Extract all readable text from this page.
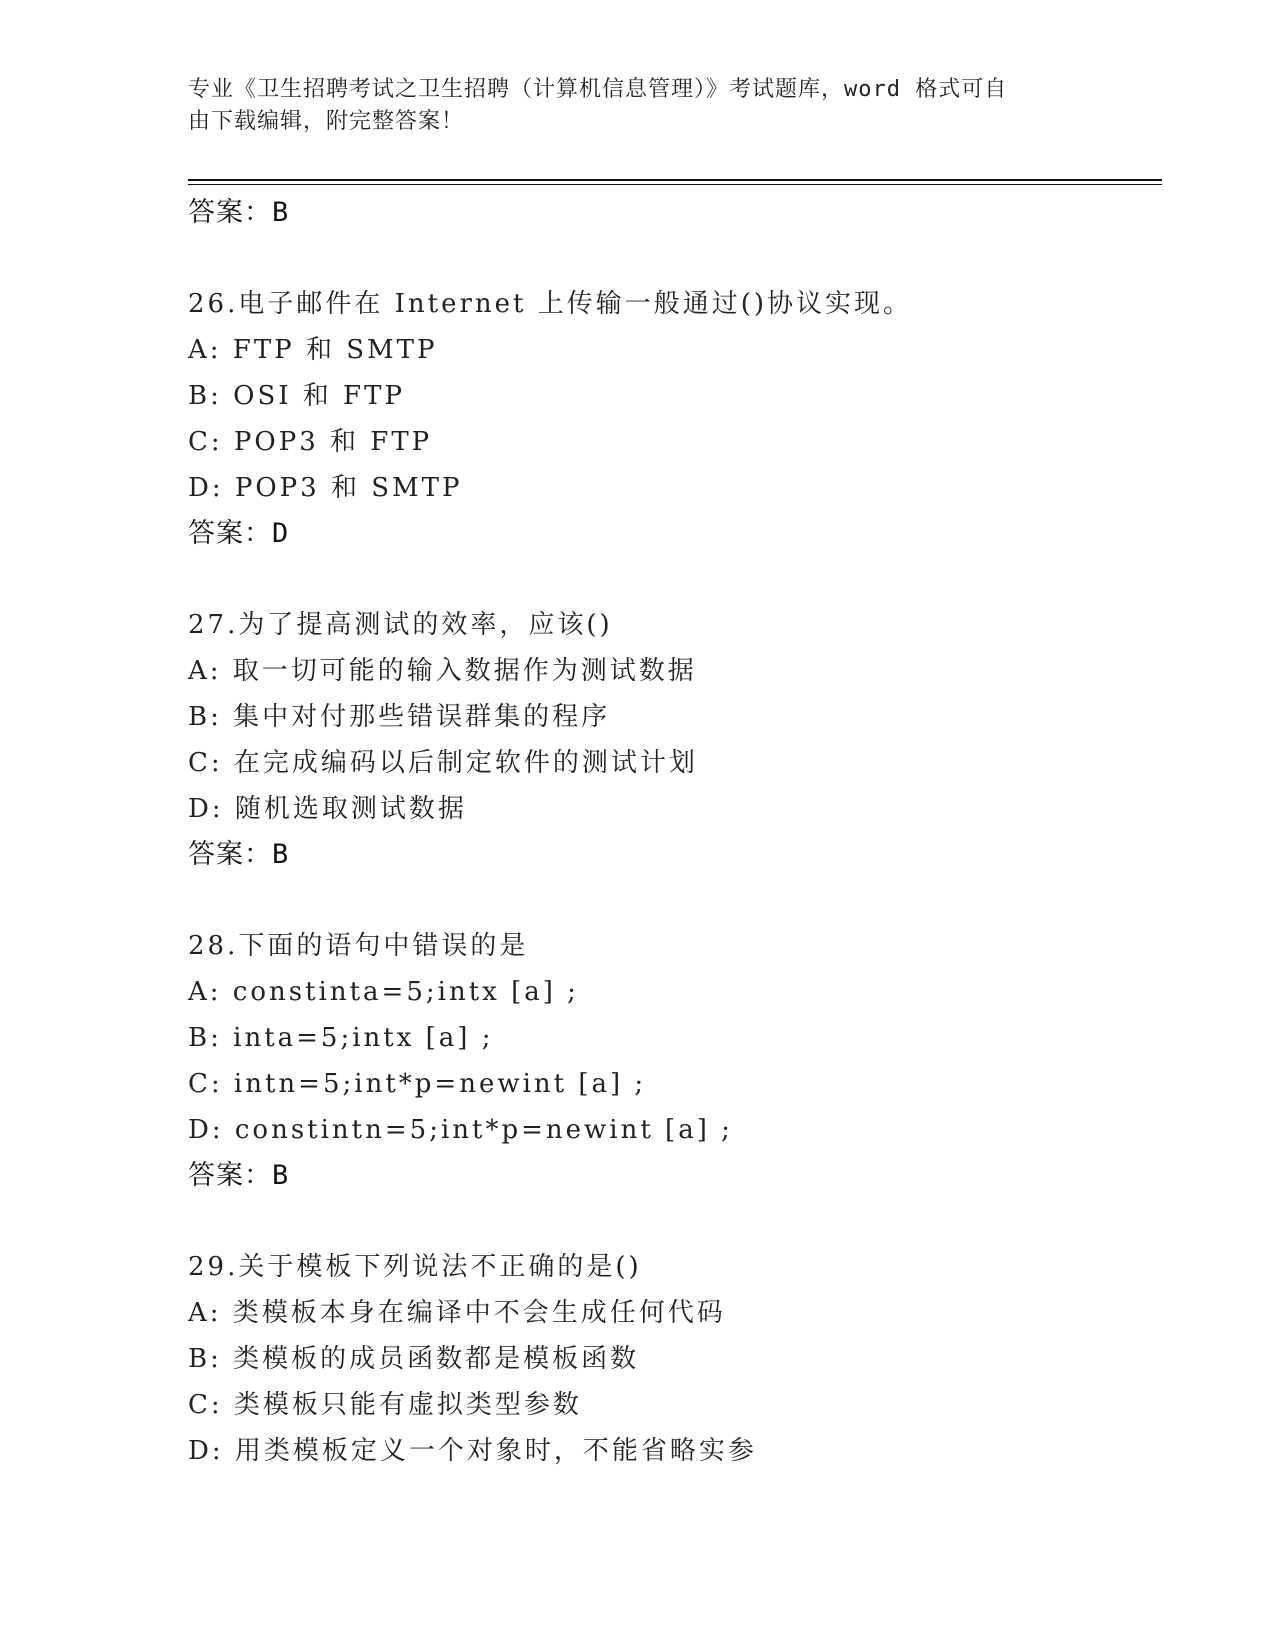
专业《卫生招聘考试之卫生招聘（计算机信息管理）》考试题库，word 格式可自
由下载编辑，附完整答案！
答案：B
26.电子邮件在 Internet 上传输一般通过()协议实现。
A: FTP 和 SMTP
B: OSI 和 FTP
C: POP3 和 FTP
D: POP3 和 SMTP
答案：D
27.为了提高测试的效率，应该()
A: 取一切可能的输入数据作为测试数据
B: 集中对付那些错误群集的程序
C: 在完成编码以后制定软件的测试计划
D: 随机选取测试数据
答案：B
28.下面的语句中错误的是
A: constinta=5;intx [a] ;
B: inta=5;intx [a] ;
C: intn=5;int*p=newint [a] ;
D: constintn=5;int*p=newint [a] ;
答案：B
29.关于模板下列说法不正确的是()
A: 类模板本身在编译中不会生成任何代码
B: 类模板的成员函数都是模板函数
C: 类模板只能有虚拟类型参数
D: 用类模板定义一个对象时，不能省略实参
